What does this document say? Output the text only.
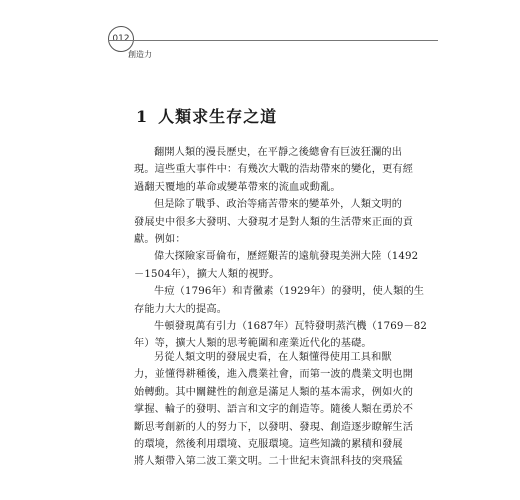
012
創造力
1 人類求生存之道
翻開人類的漫長歷史，在平靜之後總會有巨波狂瀾的出
現。這些重大事件中：有幾次大戰的浩劫帶來的變化，更有經
過翻天覆地的革命或變革帶來的流血或動亂。
但是除了戰爭、政治等痛苦帶來的變革外，人類文明的
發展史中很多大發明、大發現才是對人類的生活帶來正面的貢
獻。例如：
偉大探險家哥倫布，歷經艱苦的遠航發現美洲大陸（1492
－1504年），擴大人類的視野。
牛痘（1796年）和青黴素（1929年）的發明，使人類的生
存能力大大的提高。
牛頓發現萬有引力（1687年）瓦特發明蒸汽機（1769－82
年）等，擴大人類的思考範圍和產業近代化的基礎。
另從人類文明的發展史看，在人類懂得使用工具和獸
力，並懂得耕種後，進入農業社會，而第一波的農業文明也開
始轉動。其中關鍵性的創意是滿足人類的基本需求，例如火的
掌握、輪子的發明、語言和文字的創造等。隨後人類在勇於不
斷思考創新的人的努力下，以發明、發現、創造逐步瞭解生活
的環境，然後利用環境、克服環境。這些知識的累積和發展
將人類帶入第二波工業文明。二十世紀末資訊科技的突飛猛
